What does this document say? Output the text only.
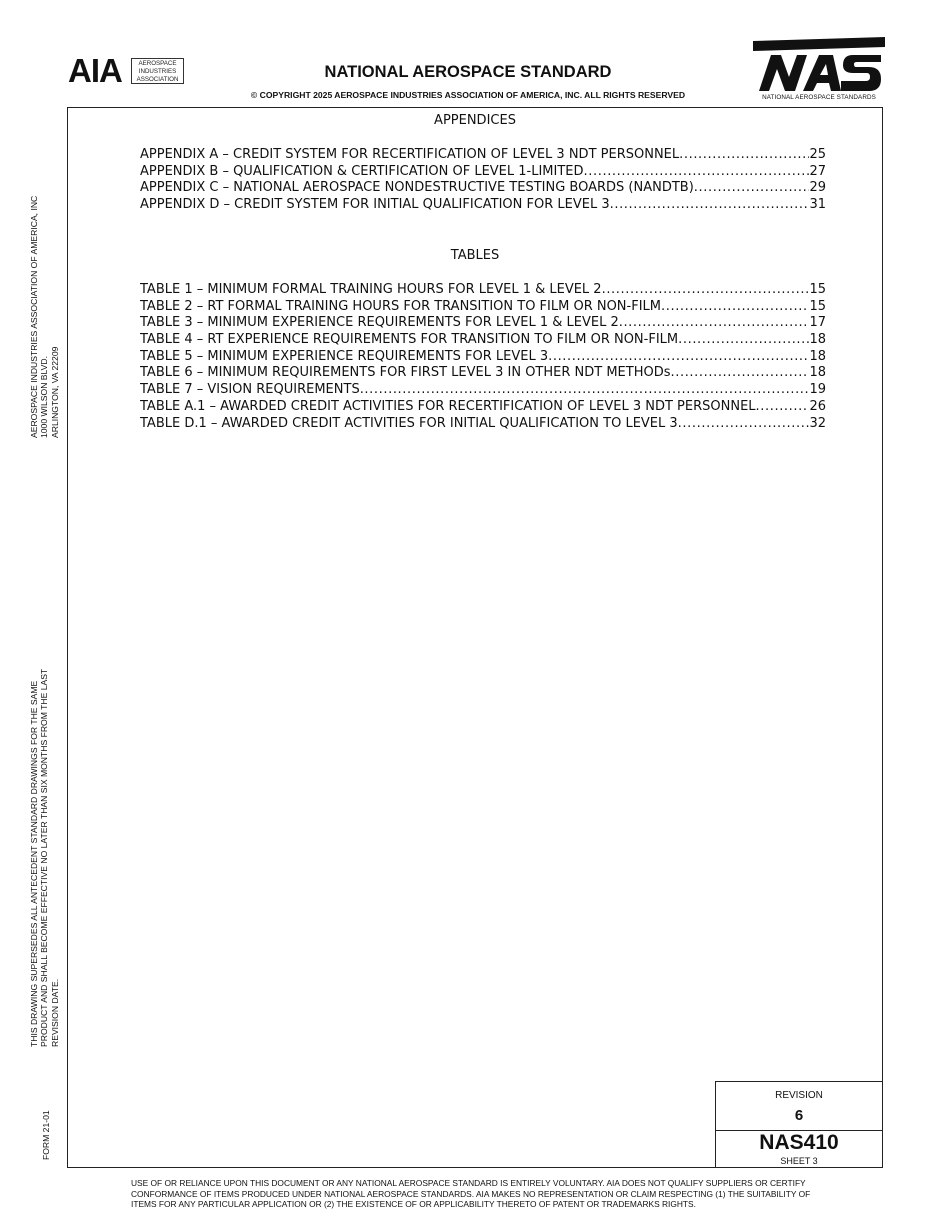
AIA	AEROSPACE
INDUSTRIES
ASSOCIATION	NATIONAL AEROSPACE STANDARD
© COPYRIGHT 2025 AEROSPACE INDUSTRIES ASSOCIATION OF AMERICA, INC. ALL RIGHTS RESERVED	NATIONAL AEROSPACE STANDARDS
APPENDICES
APPENDIX A – CREDIT SYSTEM FOR RECERTIFICATION OF LEVEL 3 NDT PERSONNEL .....	25
APPENDIX B – QUALIFICATION & CERTIFICATION OF LEVEL 1-LIMITED .....	27
APPENDIX C – NATIONAL AEROSPACE NONDESTRUCTIVE TESTING BOARDS (NANDTB) .....	29
APPENDIX D – CREDIT SYSTEM FOR INITIAL QUALIFICATION FOR LEVEL 3 .....	31
TABLES
TABLE 1 – MINIMUM FORMAL TRAINING HOURS FOR LEVEL 1 & LEVEL 2 .....	15
TABLE 2 – RT FORMAL TRAINING HOURS FOR TRANSITION TO FILM OR NON-FILM .....	15
TABLE 3 – MINIMUM EXPERIENCE REQUIREMENTS FOR LEVEL 1 & LEVEL 2 .....	17
TABLE 4 – RT EXPERIENCE REQUIREMENTS FOR TRANSITION TO FILM OR NON-FILM .....	18
TABLE 5 – MINIMUM EXPERIENCE REQUIREMENTS FOR LEVEL 3 .....	18
TABLE 6 – MINIMUM REQUIREMENTS FOR FIRST LEVEL 3 IN OTHER NDT METHODs .....	18
TABLE 7 – VISION REQUIREMENTS .....	19
TABLE A.1 – AWARDED CREDIT ACTIVITIES FOR RECERTIFICATION OF LEVEL 3 NDT PERSONNEL .....	26
TABLE D.1 – AWARDED CREDIT ACTIVITIES FOR INITIAL QUALIFICATION TO LEVEL 3 .....	32
AEROSPACE INDUSTRIES ASSOCIATION OF AMERICA, INC 1000 WILSON BLVD. ARLINGTON, VA 22209
THIS DRAWING SUPERSEDES ALL ANTECEDENT STANDARD DRAWINGS FOR THE SAME PRODUCT AND SHALL BECOME EFFECTIVE NO LATER THAN SIX MONTHS FROM THE LAST REVISION DATE.
FORM 21-01
REVISION
6
NAS410
SHEET 3
USE OF OR RELIANCE UPON THIS DOCUMENT OR ANY NATIONAL AEROSPACE STANDARD IS ENTIRELY VOLUNTARY. AIA DOES NOT QUALIFY SUPPLIERS OR CERTIFY
CONFORMANCE OF ITEMS PRODUCED UNDER NATIONAL AEROSPACE STANDARDS. AIA MAKES NO REPRESENTATION OR CLAIM RESPECTING (1) THE SUITABILITY OF
ITEMS FOR ANY PARTICULAR APPLICATION OR (2) THE EXISTENCE OF OR APPLICABILITY THERETO OF PATENT OR TRADEMARKS RIGHTS.
